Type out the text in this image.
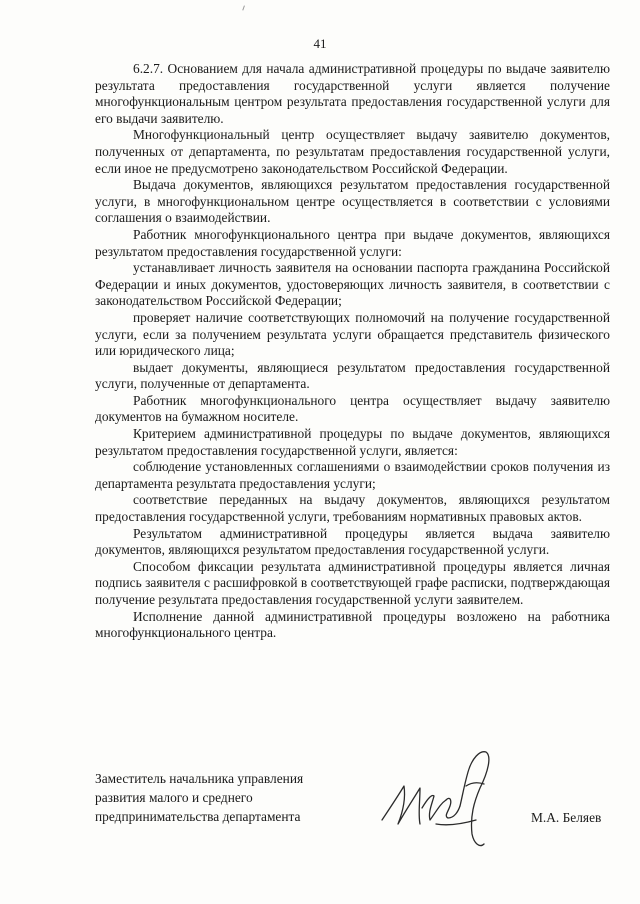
41

6.2.7. Основанием для начала административной процедуры по выдаче заявителю результата предоставления государственной услуги является получение многофункциональным центром результата предоставления государственной услуги для его выдачи заявителю.

Многофункциональный центр осуществляет выдачу заявителю документов, полученных от департамента, по результатам предоставления государственной услуги, если иное не предусмотрено законодательством Российской Федерации.

Выдача документов, являющихся результатом предоставления государственной услуги, в многофункциональном центре осуществляется в соответствии с условиями соглашения о взаимодействии.

Работник многофункционального центра при выдаче документов, являющихся результатом предоставления государственной услуги:

устанавливает личность заявителя на основании паспорта гражданина Российской Федерации и иных документов, удостоверяющих личность заявителя, в соответствии с законодательством Российской Федерации;

проверяет наличие соответствующих полномочий на получение государственной услуги, если за получением результата услуги обращается представитель физического или юридического лица;

выдает документы, являющиеся результатом предоставления государственной услуги, полученные от департамента.

Работник многофункционального центра осуществляет выдачу заявителю документов на бумажном носителе.

Критерием административной процедуры по выдаче документов, являющихся результатом предоставления государственной услуги, является:

соблюдение установленных соглашениями о взаимодействии сроков получения из департамента результата предоставления услуги;

соответствие переданных на выдачу документов, являющихся результатом предоставления государственной услуги, требованиям нормативных правовых актов.

Результатом административной процедуры является выдача заявителю документов, являющихся результатом предоставления государственной услуги.

Способом фиксации результата административной процедуры является личная подпись заявителя с расшифровкой в соответствующей графе расписки, подтверждающая получение результата предоставления государственной услуги заявителем.

Исполнение данной административной процедуры возложено на работника многофункционального центра.

Заместитель начальника управления
развития малого и среднего
предпринимательства департамента	М.А. Беляев
